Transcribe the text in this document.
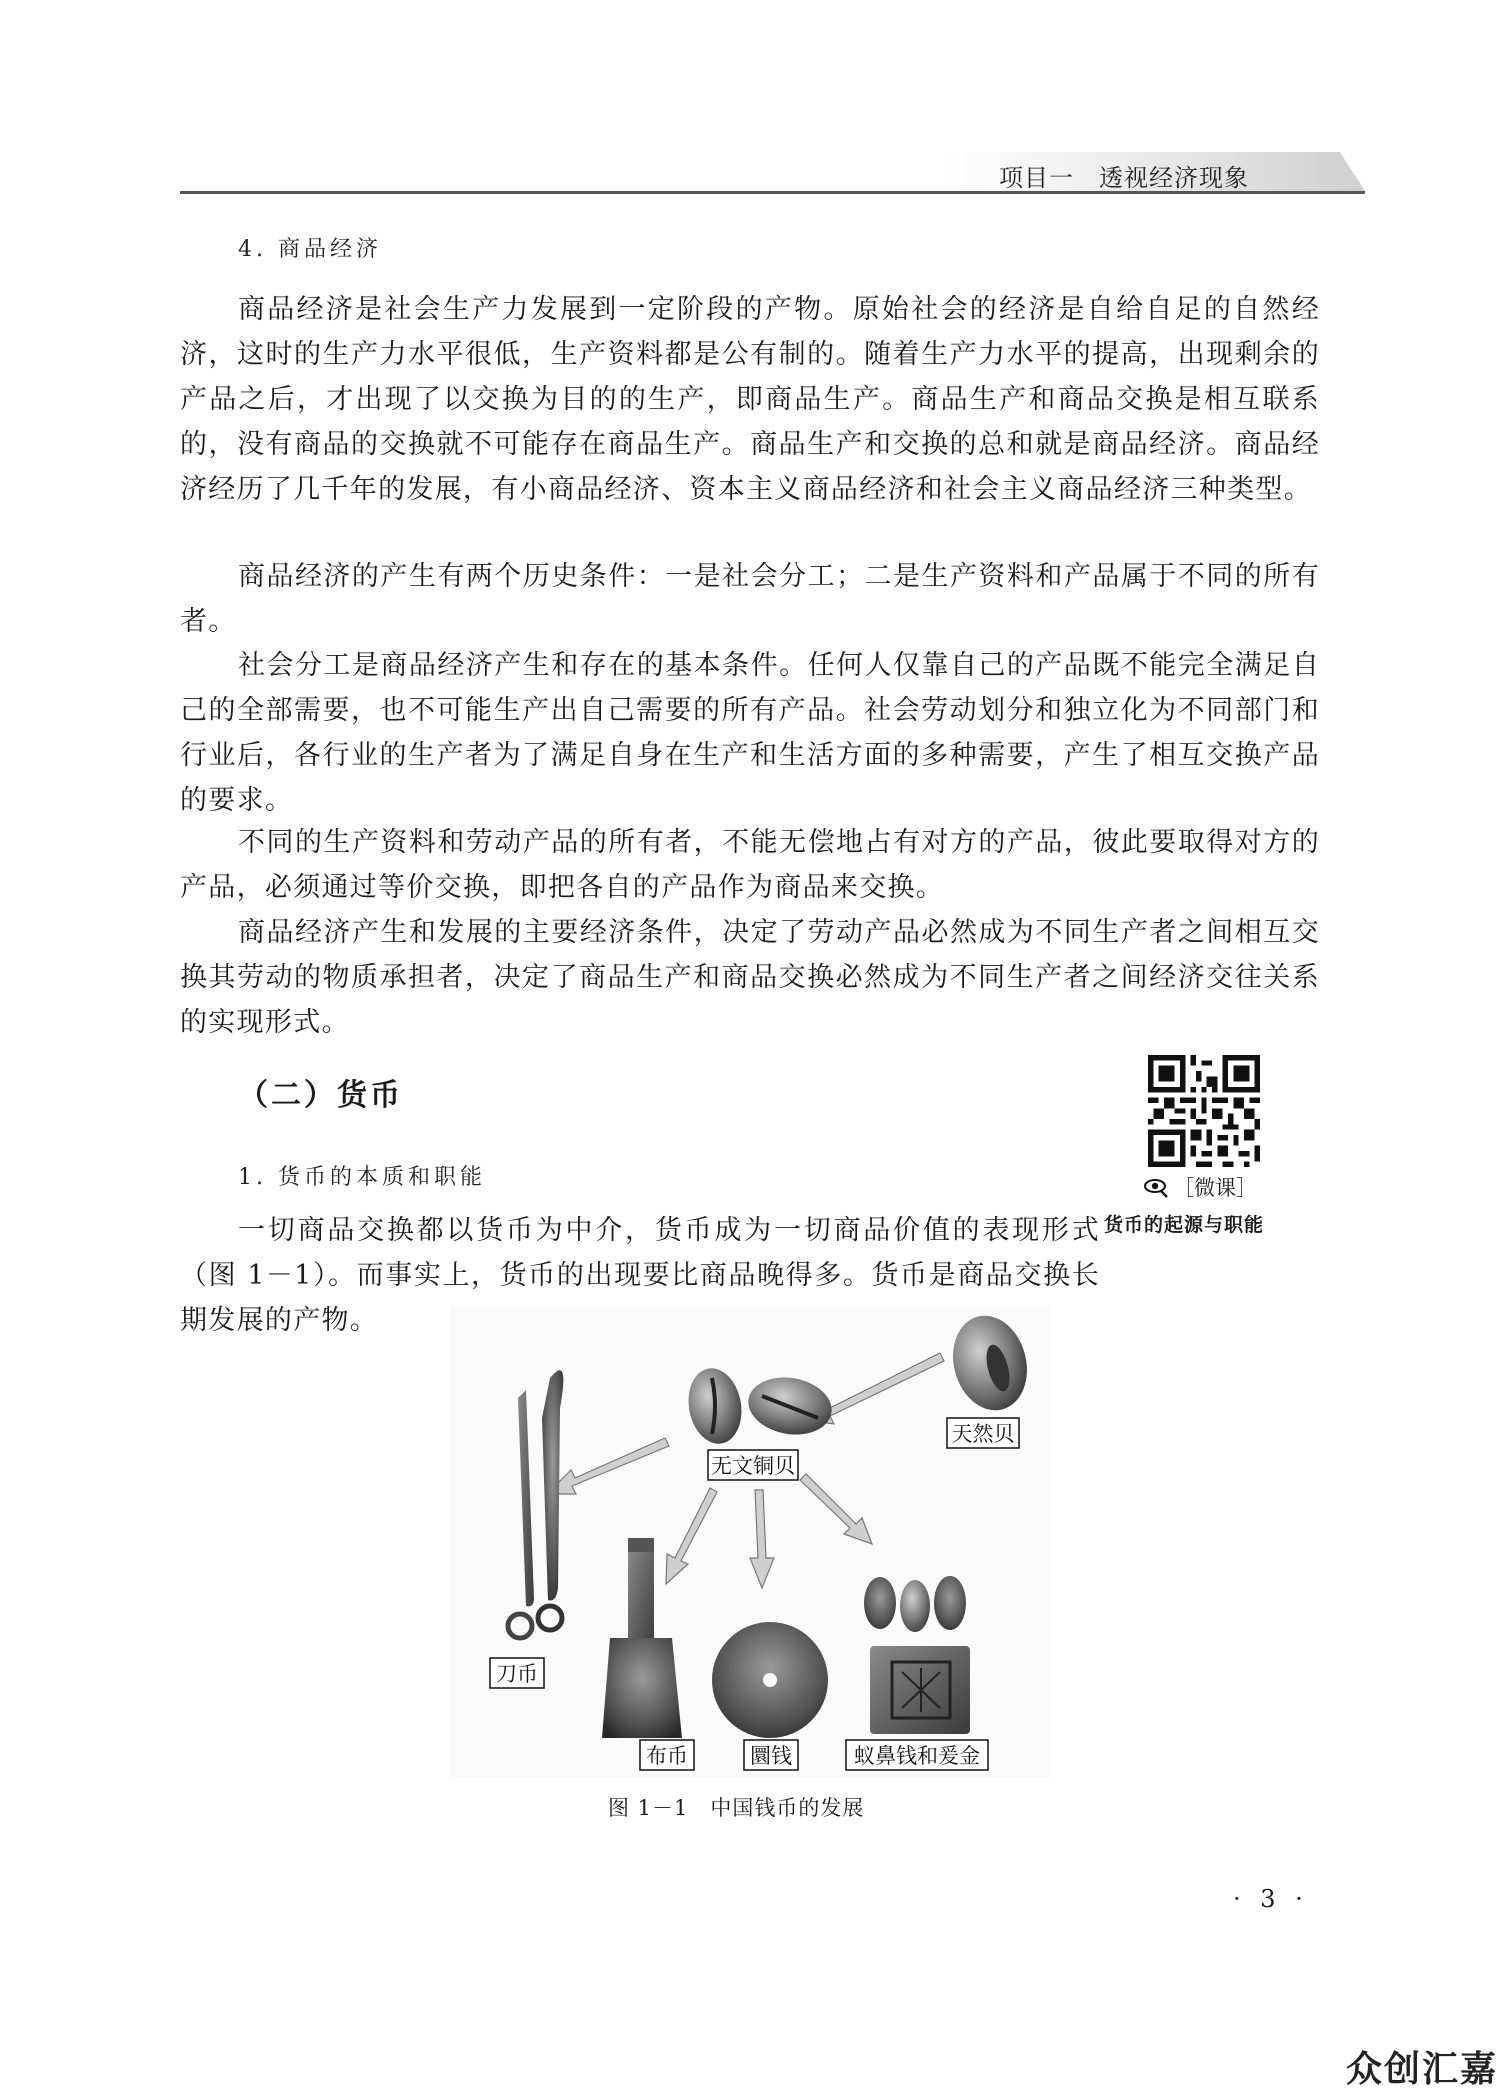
项目一　透视经济现象
4. 商品经济

商品经济是社会生产力发展到一定阶段的产物。原始社会的经济是自给自足的自然经济，这时的生产力水平很低，生产资料都是公有制的。随着生产力水平的提高，出现剩余的产品之后，才出现了以交换为目的的生产，即商品生产。商品生产和商品交换是相互联系的，没有商品的交换就不可能存在商品生产。商品生产和交换的总和就是商品经济。商品经济经历了几千年的发展，有小商品经济、资本主义商品经济和社会主义商品经济三种类型。

商品经济的产生有两个历史条件：一是社会分工；二是生产资料和产品属于不同的所有者。

社会分工是商品经济产生和存在的基本条件。任何人仅靠自己的产品既不能完全满足自己的全部需要，也不可能生产出自己需要的所有产品。社会劳动划分和独立化为不同部门和行业后，各行业的生产者为了满足自身在生产和生活方面的多种需要，产生了相互交换产品的要求。

不同的生产资料和劳动产品的所有者，不能无偿地占有对方的产品，彼此要取得对方的产品，必须通过等价交换，即把各自的产品作为商品来交换。

商品经济产生和发展的主要经济条件，决定了劳动产品必然成为不同生产者之间相互交换其劳动的物质承担者，决定了商品生产和商品交换必然成为不同生产者之间经济交往关系的实现形式。

（二）货币
1. 货币的本质和职能

一切商品交换都以货币为中介，货币成为一切商品价值的表现形式（图 1－1）。而事实上，货币的出现要比商品晚得多。货币是商品交换长期发展的产物。

［微课］
货币的起源与职能
天然贝
无文铜贝
刀币
布币	圜钱	蚁鼻钱和爰金
图 1－1　中国钱币的发展
· 3 ·
众创汇嘉
